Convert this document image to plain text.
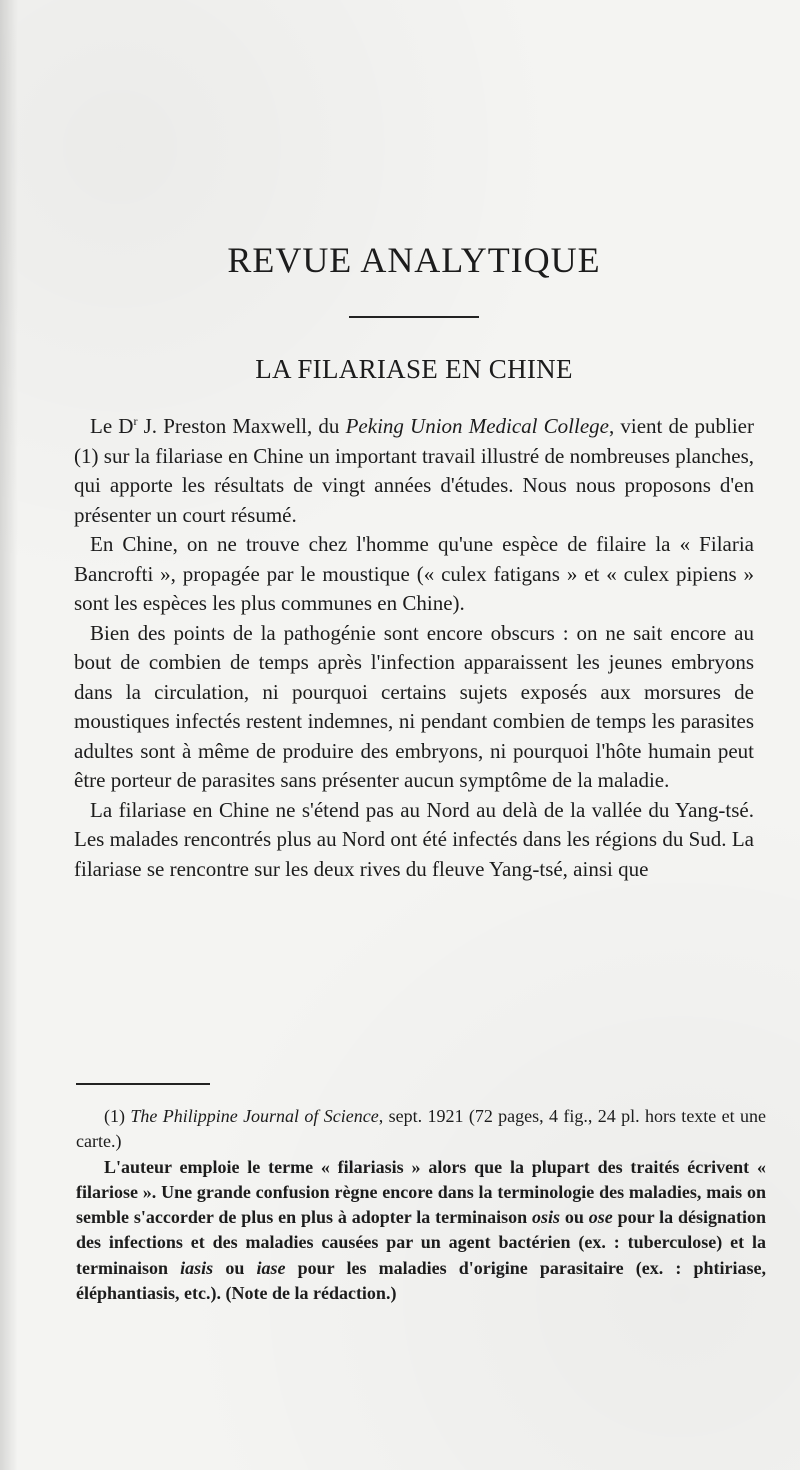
REVUE ANALYTIQUE
LA FILARIASE EN CHINE

Le $D^r$ J. Preston Maxwell, du Peking Union Medical College, vient de publier (1) sur la filariase en Chine un important travail illustré de nombreuses planches, qui apporte les résultats de vingt années d'études. Nous nous proposons d'en présenter un court résumé.

En Chine, on ne trouve chez l'homme qu'une espèce de filaire la « Filaria Bancrofti », propagée par le moustique (« culex fatigans » et « culex pipiens » sont les espèces les plus communes en Chine).

Bien des points de la pathogénie sont encore obscurs : on ne sait encore au bout de combien de temps après l'infection apparaissent les jeunes embryons dans la circulation, ni pourquoi certains sujets exposés aux morsures de moustiques infectés restent indemnes, ni pendant combien de temps les parasites adultes sont à même de produire des embryons, ni pourquoi l'hôte humain peut être porteur de parasites sans présenter aucun symptôme de la maladie.

La filariase en Chine ne s'étend pas au Nord au delà de la vallée du Yang-tsé. Les malades rencontrés plus au Nord ont été infectés dans les régions du Sud. La filariase se rencontre sur les deux rives du fleuve Yang-tsé, ainsi que

(1) The Philippine Journal of Science, sept. 1921 (72 pages, 4 fig., 24 pl. hors texte et une carte.)

L'auteur emploie le terme « filariasis » alors que la plupart des traités écrivent « filariose ». Une grande confusion règne encore dans la terminologie des maladies, mais on semble s'accorder de plus en plus à adopter la terminaison osis ou ose pour la désignation des infections et des maladies causées par un agent bactérien (ex. : tuberculose) et la terminaison iasis ou iase pour les maladies d'origine parasitaire (ex. : phtiriase, éléphantiasis, etc.). (Note de la rédaction.)
